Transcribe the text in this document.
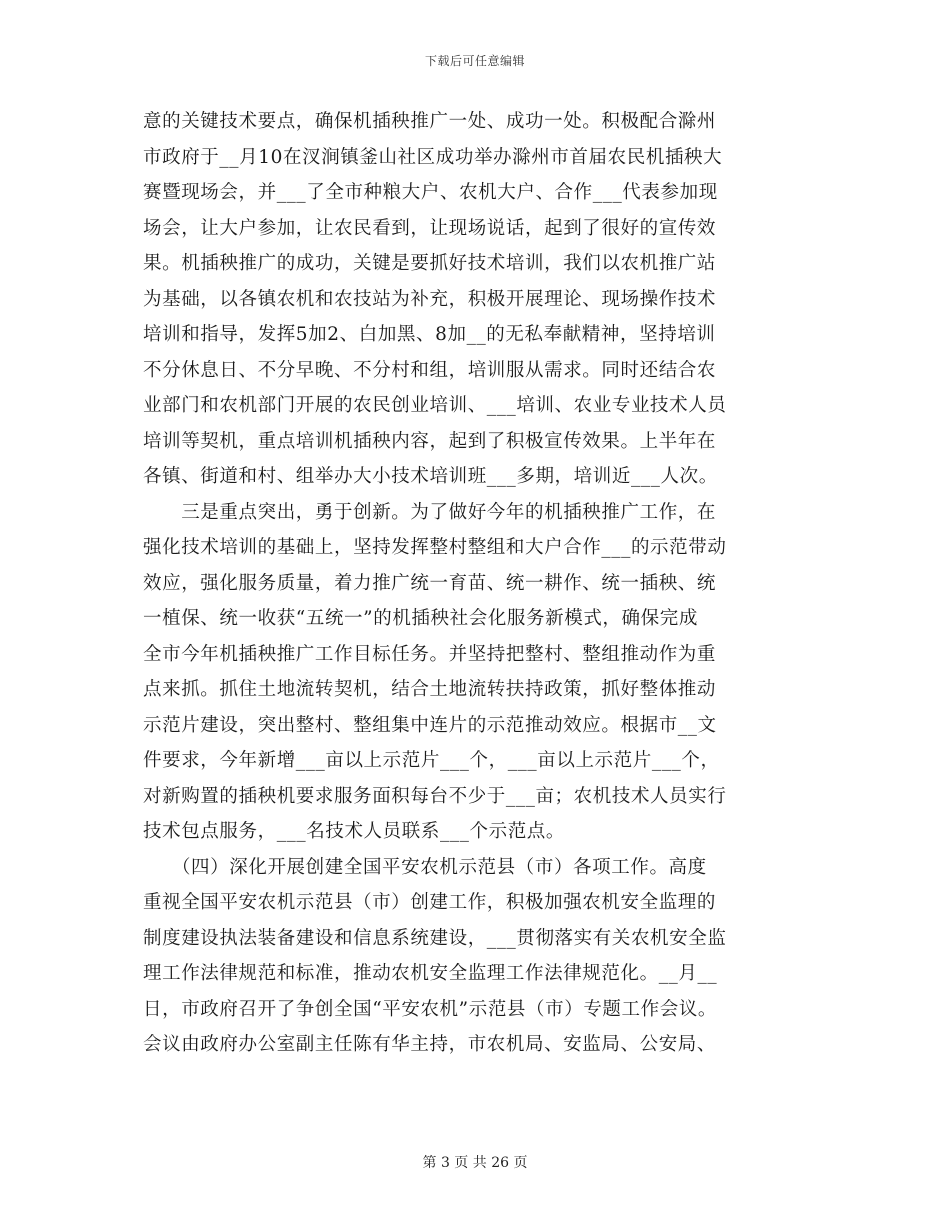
下载后可任意编辑
意的关键技术要点，确保机插秧推广一处、成功一处。积极配合滁州
市政府于__月10在汊涧镇釜山社区成功举办滁州市首届农民机插秧大
赛暨现场会，并___了全市种粮大户、农机大户、合作___代表参加现
场会，让大户参加，让农民看到，让现场说话，起到了很好的宣传效
果。机插秧推广的成功，关键是要抓好技术培训，我们以农机推广站
为基础，以各镇农机和农技站为补充，积极开展理论、现场操作技术
培训和指导，发挥5加2、白加黑、8加__的无私奉献精神，坚持培训
不分休息日、不分早晚、不分村和组，培训服从需求。同时还结合农
业部门和农机部门开展的农民创业培训、___培训、农业专业技术人员
培训等契机，重点培训机插秧内容，起到了积极宣传效果。上半年在
各镇、街道和村、组举办大小技术培训班___多期，培训近___人次。
　　三是重点突出，勇于创新。为了做好今年的机插秧推广工作，在
强化技术培训的基础上，坚持发挥整村整组和大户合作___的示范带动
效应，强化服务质量，着力推广统一育苗、统一耕作、统一插秧、统
一植保、统一收获“五统一”的机插秧社会化服务新模式，确保完成
全市今年机插秧推广工作目标任务。并坚持把整村、整组推动作为重
点来抓。抓住土地流转契机，结合土地流转扶持政策，抓好整体推动
示范片建设，突出整村、整组集中连片的示范推动效应。根据市__文
件要求，今年新增___亩以上示范片___个，___亩以上示范片___个，
对新购置的插秧机要求服务面积每台不少于___亩；农机技术人员实行
技术包点服务，___名技术人员联系___个示范点。
　　（四）深化开展创建全国平安农机示范县（市）各项工作。高度
重视全国平安农机示范县（市）创建工作，积极加强农机安全监理的
制度建设执法装备建设和信息系统建设，___贯彻落实有关农机安全监
理工作法律规范和标准，推动农机安全监理工作法律规范化。__月__
日，市政府召开了争创全国“平安农机”示范县（市）专题工作会议。
会议由政府办公室副主任陈有华主持，市农机局、安监局、公安局、
第 3 页 共 26 页
